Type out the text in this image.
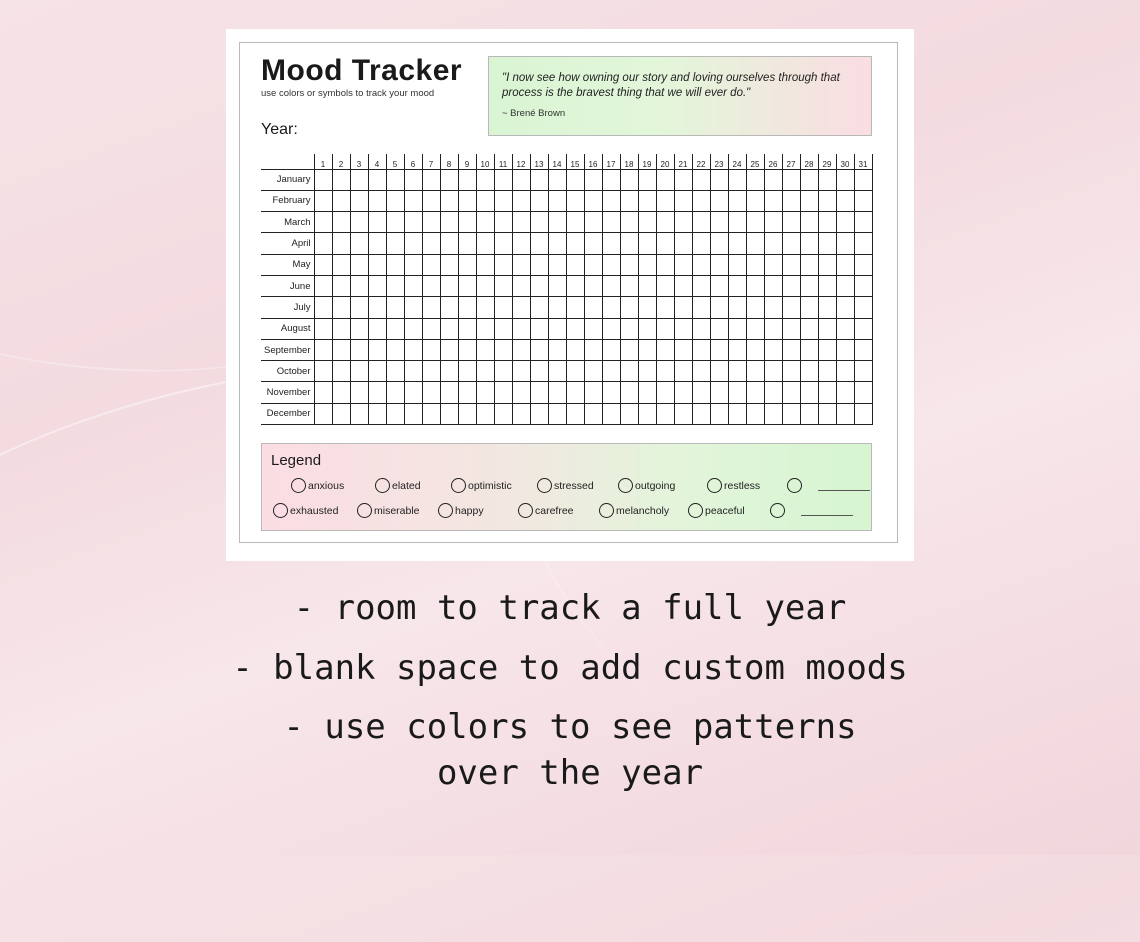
Mood Tracker
use colors or symbols to track your mood
Year:
"I now see how owning our story and loving ourselves through that process is the bravest thing that we will ever do."
~ Brené Brown
	1	2	3	4	5	6	7	8	9	10	11	12	13	14	15	16	17	18	19	20	21	22	23	24	25	26	27	28	29	30	31
January																															
February																															
March																															
April																															
May																															
June																															
July																															
August																															
September																															
October																															
November																															
December																															
Legend
anxious	elated	optimistic	stressed	outgoing	restless
exhausted	miserable	happy	carefree	melancholy	peaceful
- room to track a full year
- blank space to add custom moods
- use colors to see patterns
over the year
